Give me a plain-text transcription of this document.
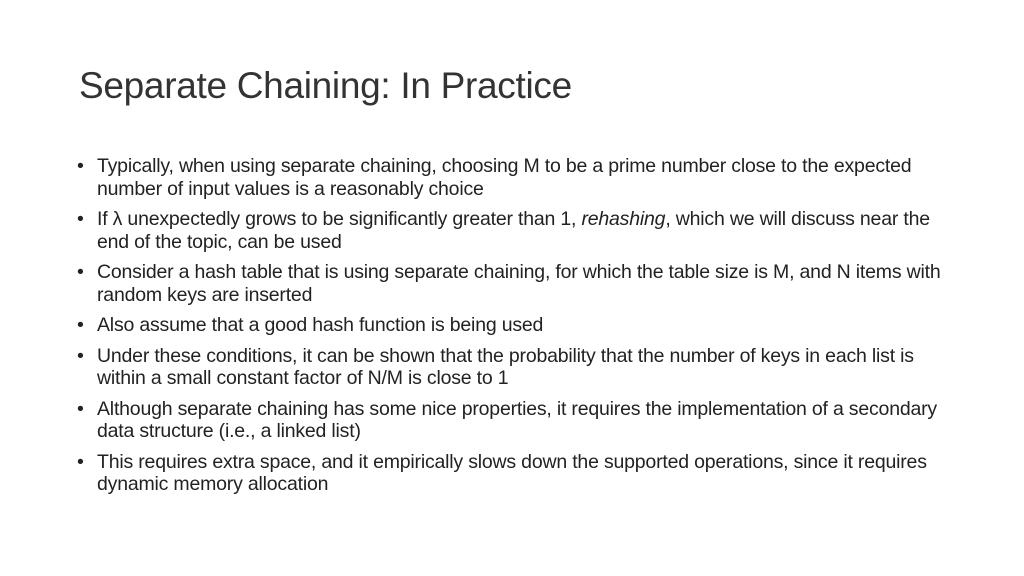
Separate Chaining: In Practice
• Typically, when using separate chaining, choosing M to be a prime number close to the expected number of input values is a reasonably choice
• If λ unexpectedly grows to be significantly greater than 1, rehashing, which we will discuss near the end of the topic, can be used
• Consider a hash table that is using separate chaining, for which the table size is M, and N items with random keys are inserted
• Also assume that a good hash function is being used
• Under these conditions, it can be shown that the probability that the number of keys in each list is within a small constant factor of N/M is close to 1
• Although separate chaining has some nice properties, it requires the implementation of a secondary data structure (i.e., a linked list)
• This requires extra space, and it empirically slows down the supported operations, since it requires dynamic memory allocation
